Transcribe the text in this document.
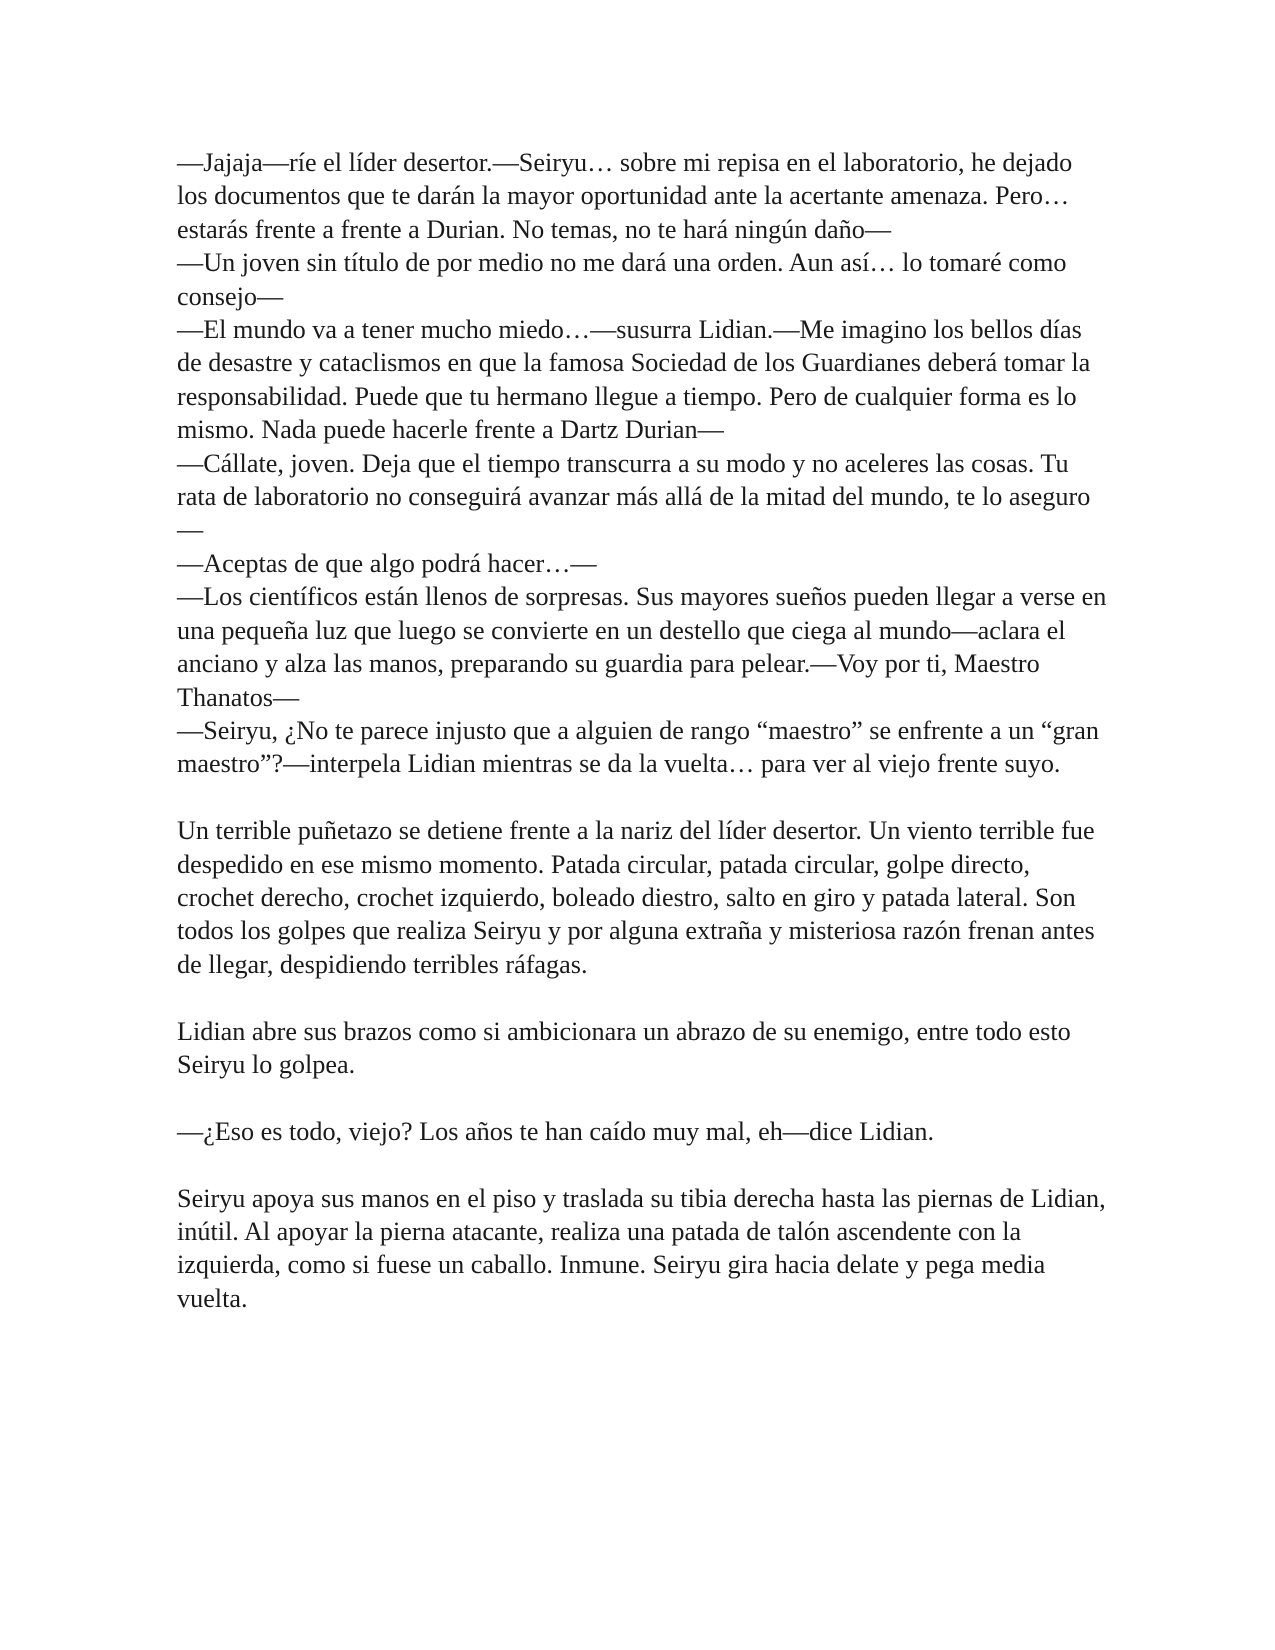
—Jajaja—ríe el líder desertor.—Seiryu… sobre mi repisa en el laboratorio, he dejado los documentos que te darán la mayor oportunidad ante la acertante amenaza. Pero… estarás frente a frente a Durian. No temas, no te hará ningún daño—

—Un joven sin título de por medio no me dará una orden. Aun así… lo tomaré como consejo—

—El mundo va a tener mucho miedo…—susurra Lidian.—Me imagino los bellos días de desastre y cataclismos en que la famosa Sociedad de los Guardianes deberá tomar la responsabilidad. Puede que tu hermano llegue a tiempo. Pero de cualquier forma es lo mismo. Nada puede hacerle frente a Dartz Durian—

—Cállate, joven. Deja que el tiempo transcurra a su modo y no aceleres las cosas. Tu rata de laboratorio no conseguirá avanzar más allá de la mitad del mundo, te lo aseguro—

—Aceptas de que algo podrá hacer…—

—Los científicos están llenos de sorpresas. Sus mayores sueños pueden llegar a verse en una pequeña luz que luego se convierte en un destello que ciega al mundo—aclara el anciano y alza las manos, preparando su guardia para pelear.—Voy por ti, Maestro Thanatos—

—Seiryu, ¿No te parece injusto que a alguien de rango “maestro” se enfrente a un “gran maestro”?—interpela Lidian mientras se da la vuelta… para ver al viejo frente suyo.

Un terrible puñetazo se detiene frente a la nariz del líder desertor. Un viento terrible fue despedido en ese mismo momento. Patada circular, patada circular, golpe directo, crochet derecho, crochet izquierdo, boleado diestro, salto en giro y patada lateral. Son todos los golpes que realiza Seiryu y por alguna extraña y misteriosa razón frenan antes de llegar, despidiendo terribles ráfagas.

Lidian abre sus brazos como si ambicionara un abrazo de su enemigo, entre todo esto Seiryu lo golpea.

—¿Eso es todo, viejo? Los años te han caído muy mal, eh—dice Lidian.

Seiryu apoya sus manos en el piso y traslada su tibia derecha hasta las piernas de Lidian, inútil. Al apoyar la pierna atacante, realiza una patada de talón ascendente con la izquierda, como si fuese un caballo. Inmune. Seiryu gira hacia delate y pega media vuelta.
